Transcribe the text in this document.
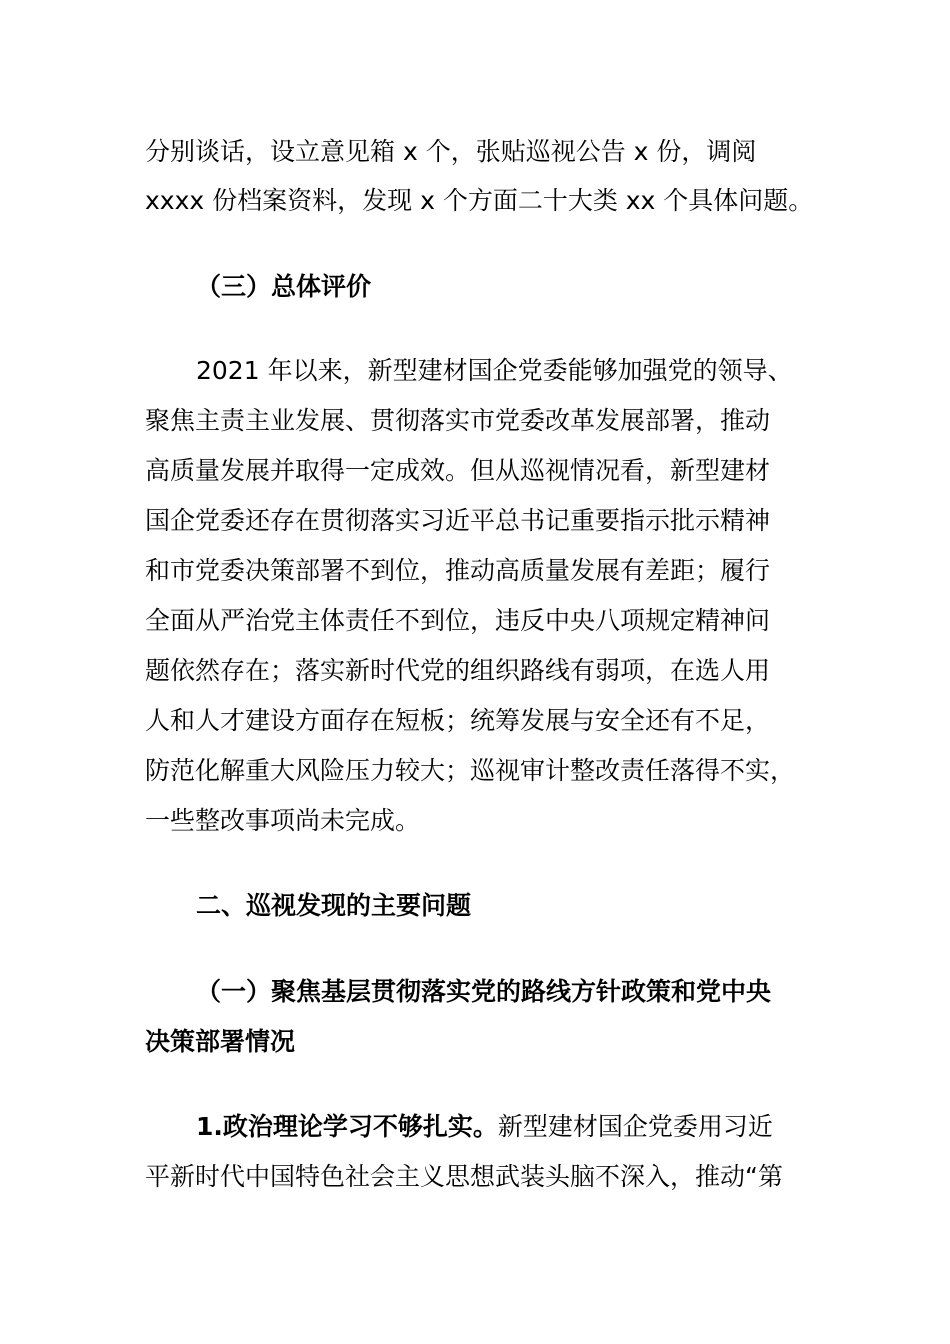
分别谈话，设立意见箱 x 个，张贴巡视公告 x 份，调阅
xxxx 份档案资料，发现 x 个方面二十大类 xx 个具体问题。
（三）总体评价
2021 年以来，新型建材国企党委能够加强党的领导、
聚焦主责主业发展、贯彻落实市党委改革发展部署，推动
高质量发展并取得一定成效。但从巡视情况看，新型建材
国企党委还存在贯彻落实习近平总书记重要指示批示精神
和市党委决策部署不到位，推动高质量发展有差距；履行
全面从严治党主体责任不到位，违反中央八项规定精神问
题依然存在；落实新时代党的组织路线有弱项，在选人用
人和人才建设方面存在短板；统筹发展与安全还有不足，
防范化解重大风险压力较大；巡视审计整改责任落得不实，
一些整改事项尚未完成。
二、巡视发现的主要问题
（一）聚焦基层贯彻落实党的路线方针政策和党中央
决策部署情况
1.政治理论学习不够扎实。新型建材国企党委用习近
平新时代中国特色社会主义思想武装头脑不深入，推动“第
